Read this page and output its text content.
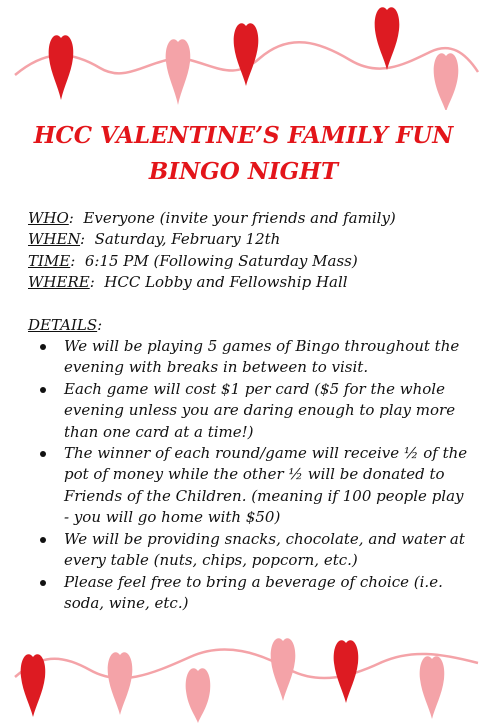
HCC VALENTINE’S FAMILY FUN
BINGO NIGHT
WHO:  Everyone (invite your friends and family)
WHEN:  Saturday, February 12th
TIME:  6:15 PM (Following Saturday Mass)
WHERE:  HCC Lobby and Fellowship Hall
DETAILS:
We will be playing 5 games of Bingo throughout the evening with breaks in between to visit.
Each game will cost $1 per card ($5 for the whole evening unless you are daring enough to play more than one card at a time!)
The winner of each round/game will receive ½ of the pot of money while the other ½ will be donated to Friends of the Children. (meaning if 100 people play - you will go home with $50)
We will be providing snacks, chocolate, and water at every table (nuts, chips, popcorn, etc.)
Please feel free to bring a beverage of choice (i.e. soda, wine, etc.)
